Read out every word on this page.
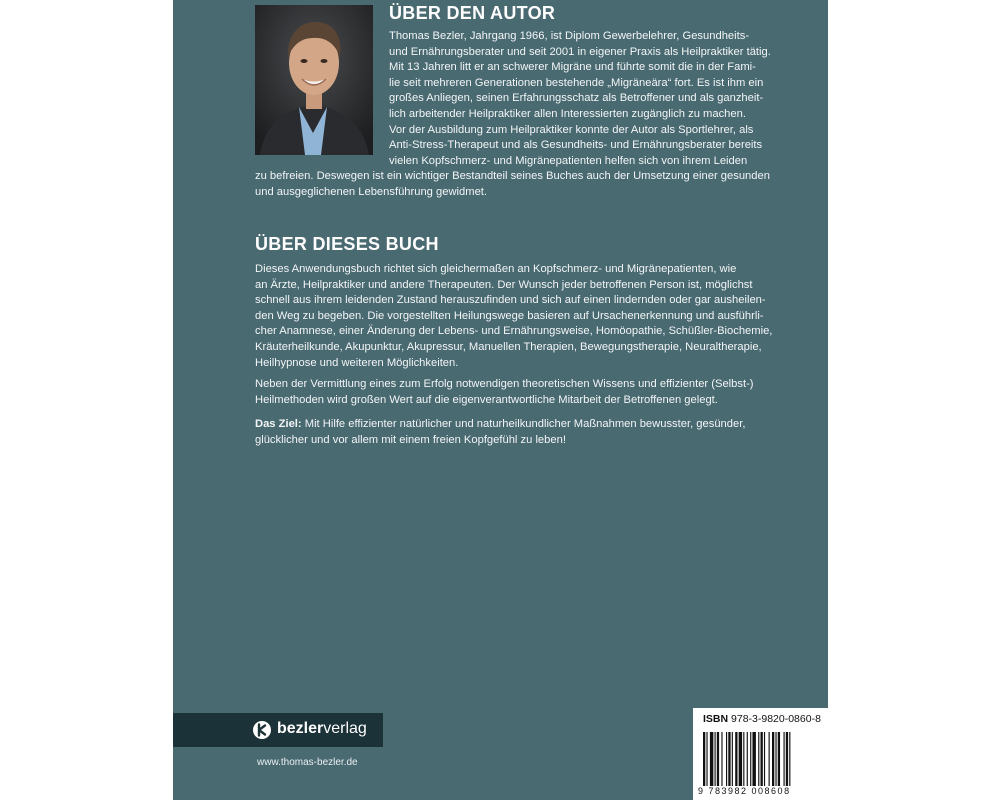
ÜBER DEN AUTOR
Thomas Bezler, Jahrgang 1966, ist Diplom Gewerbelehrer, Gesundheits-
und Ernährungsberater und seit 2001 in eigener Praxis als Heilpraktiker tätig.
Mit 13 Jahren litt er an schwerer Migräne und führte somit die in der Fami-
lie seit mehreren Generationen bestehende „Migräneära“ fort. Es ist ihm ein
großes Anliegen, seinen Erfahrungsschatz als Betroffener und als ganzheit-
lich arbeitender Heilpraktiker allen Interessierten zugänglich zu machen.
Vor der Ausbildung zum Heilpraktiker konnte der Autor als Sportlehrer, als
Anti-Stress-Therapeut und als Gesundheits- und Ernährungsberater bereits
vielen Kopfschmerz- und Migränepatienten helfen sich von ihrem Leiden
zu befreien. Deswegen ist ein wichtiger Bestandteil seines Buches auch der Umsetzung einer gesunden
und ausgeglichenen Lebensführung gewidmet.
ÜBER DIESES BUCH
Dieses Anwendungsbuch richtet sich gleichermaßen an Kopfschmerz- und Migränepatienten, wie
an Ärzte, Heilpraktiker und andere Therapeuten. Der Wunsch jeder betroffenen Person ist, möglichst
schnell aus ihrem leidenden Zustand herauszufinden und sich auf einen lindernden oder gar ausheilen-
den Weg zu begeben. Die vorgestellten Heilungswege basieren auf Ursachenerkennung und ausführli-
cher Anamnese, einer Änderung der Lebens- und Ernährungsweise, Homöopathie, Schüßler-Biochemie,
Kräuterheilkunde, Akupunktur, Akupressur, Manuellen Therapien, Bewegungstherapie, Neuraltherapie,
Heilhypnose und weiteren Möglichkeiten.
Neben der Vermittlung eines zum Erfolg notwendigen theoretischen Wissens und effizienter (Selbst-)
Heilmethoden wird großen Wert auf die eigenverantwortliche Mitarbeit der Betroffenen gelegt.
Das Ziel: Mit Hilfe effizienter natürlicher und naturheilkundlicher Maßnahmen bewusster, gesünder,
glücklicher und vor allem mit einem freien Kopfgefühl zu leben!
bezlerverlag
www.thomas-bezler.de
ISBN 978-3-9820-0860-8
9 783982 008608
